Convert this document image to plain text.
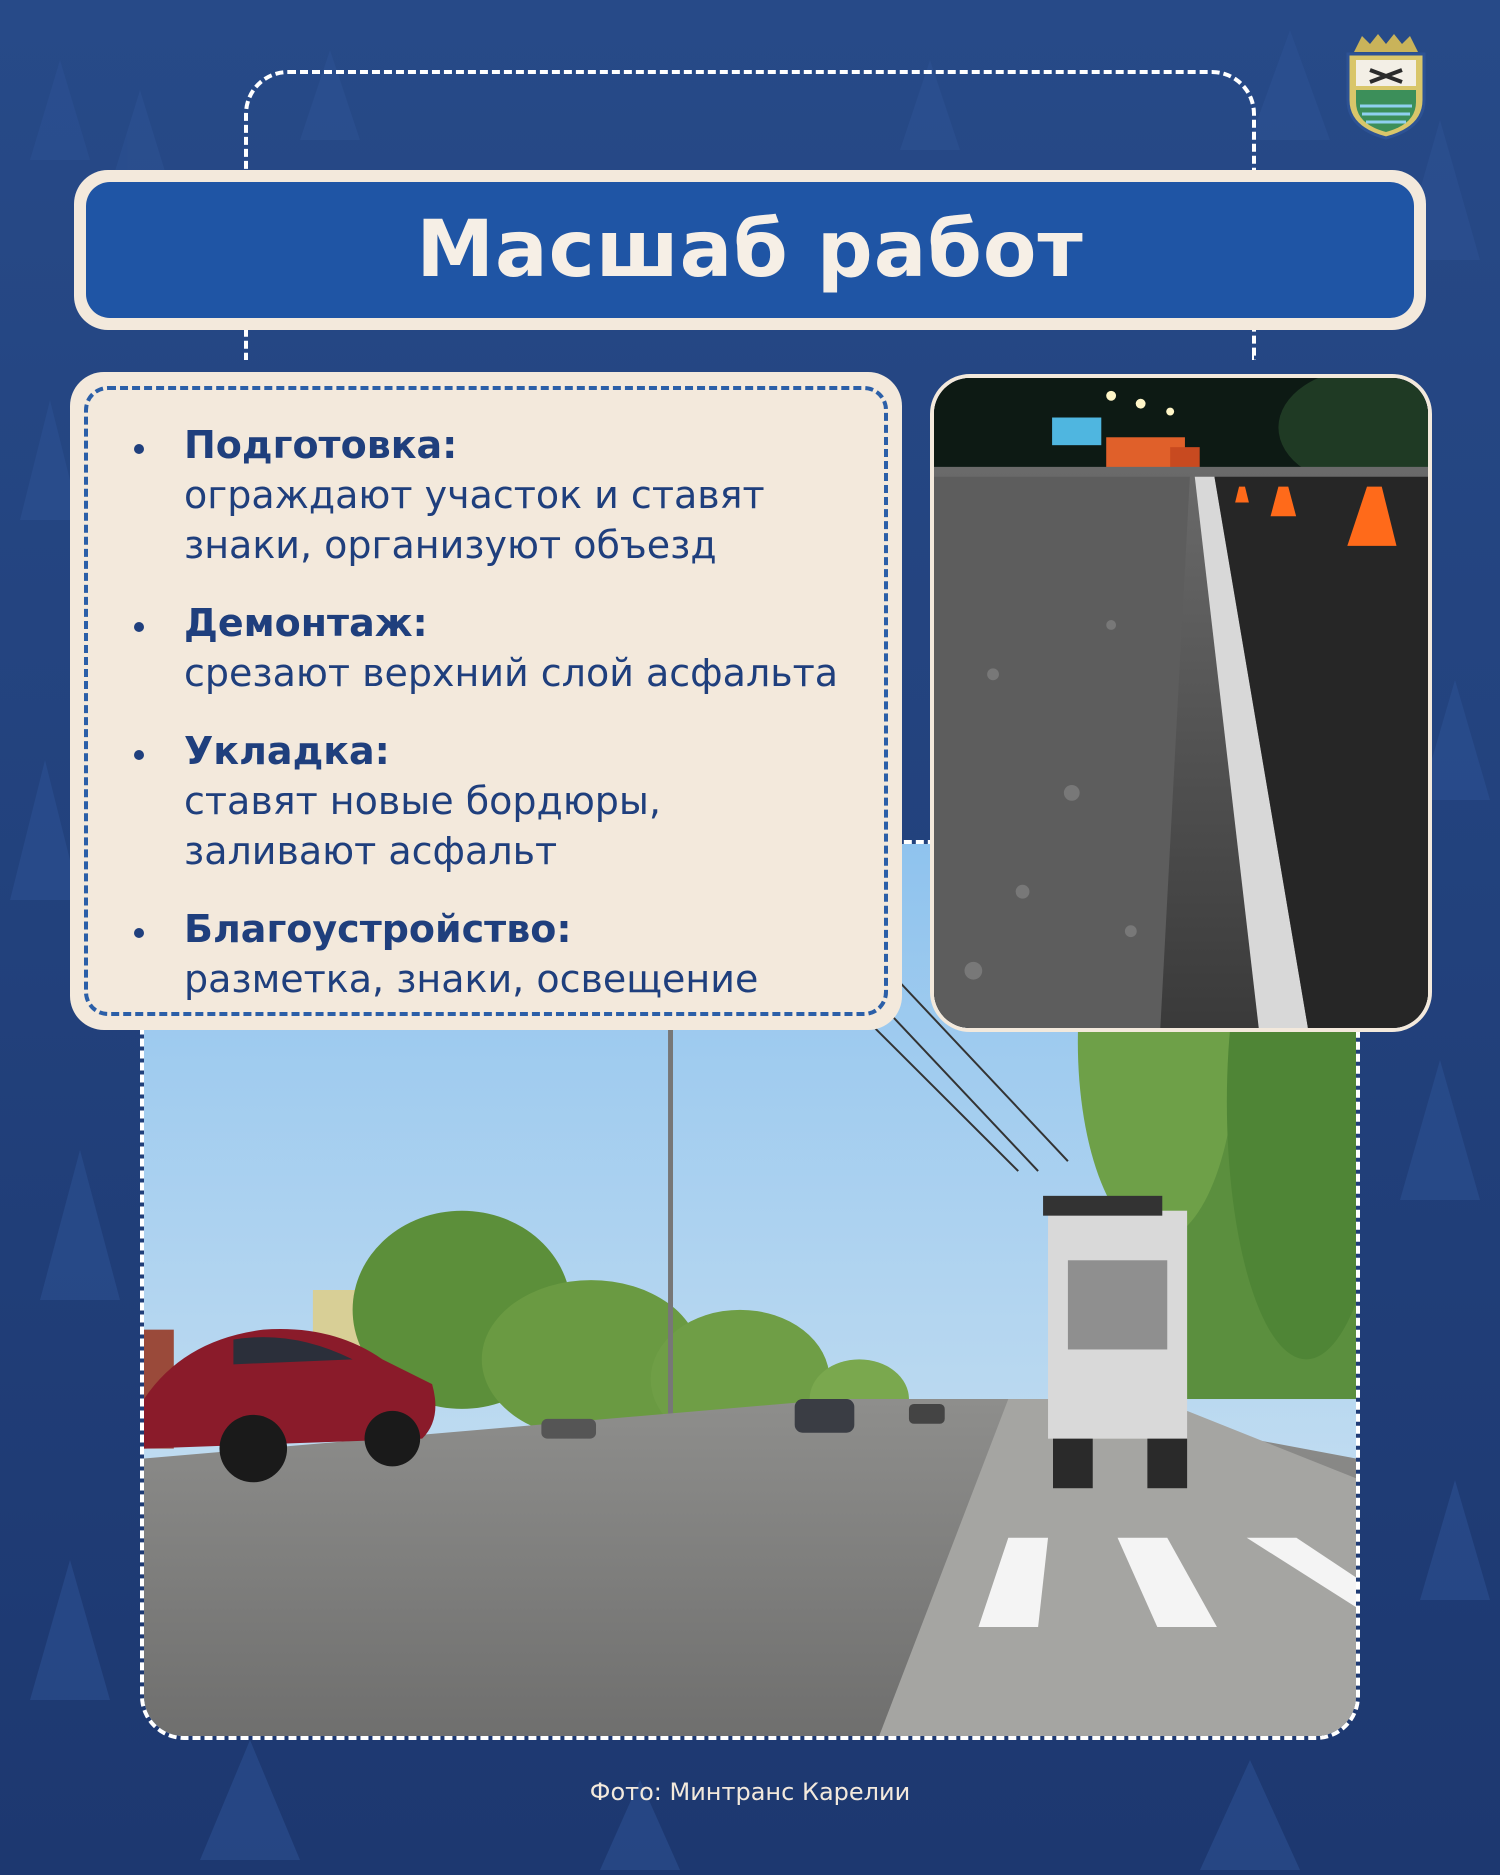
Масшаб работ
Подготовка:
ограждают участок и ставят
знаки, организуют объезд
Демонтаж:
срезают верхний слой асфальта
Укладка:
ставят новые бордюры,
заливают асфальт
Благоустройство:
разметка, знаки, освещение
Фото: Минтранс Карелии
